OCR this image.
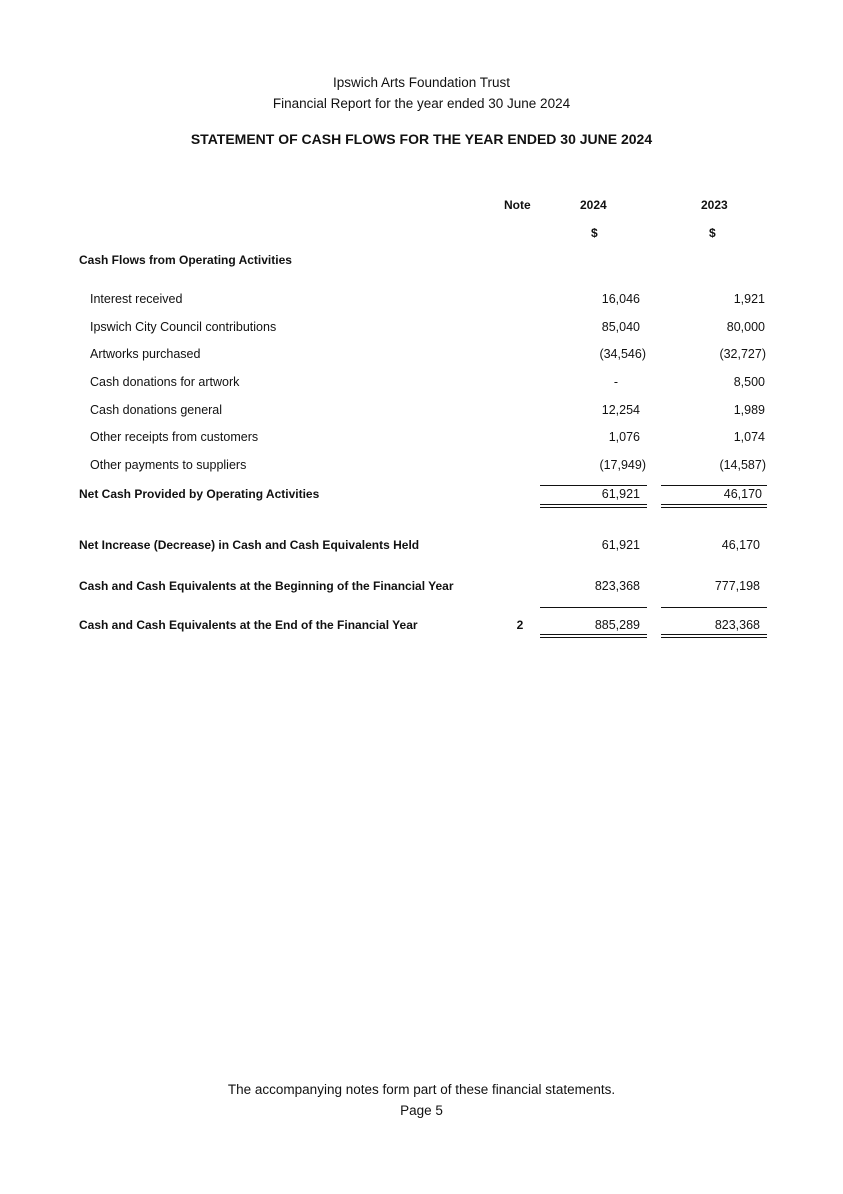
Ipswich Arts Foundation Trust
Financial Report for the year ended 30 June 2024
STATEMENT OF CASH FLOWS FOR THE YEAR ENDED 30 JUNE 2024
Note	2024	2023
$	$
Cash Flows from Operating Activities
Interest received	16,046	1,921
Ipswich City Council contributions	85,040	80,000
Artworks purchased	(34,546)	(32,727)
Cash donations for artwork	-	8,500
Cash donations general	12,254	1,989
Other receipts from customers	1,076	1,074
Other payments to suppliers	(17,949)	(14,587)
Net Cash Provided by Operating Activities	61,921	46,170
Net Increase (Decrease) in Cash and Cash Equivalents Held	61,921	46,170
Cash and Cash Equivalents at the Beginning of the Financial Year	823,368	777,198
Cash and Cash Equivalents at the End of the Financial Year	2	885,289	823,368
The accompanying notes form part of these financial statements.
Page 5
